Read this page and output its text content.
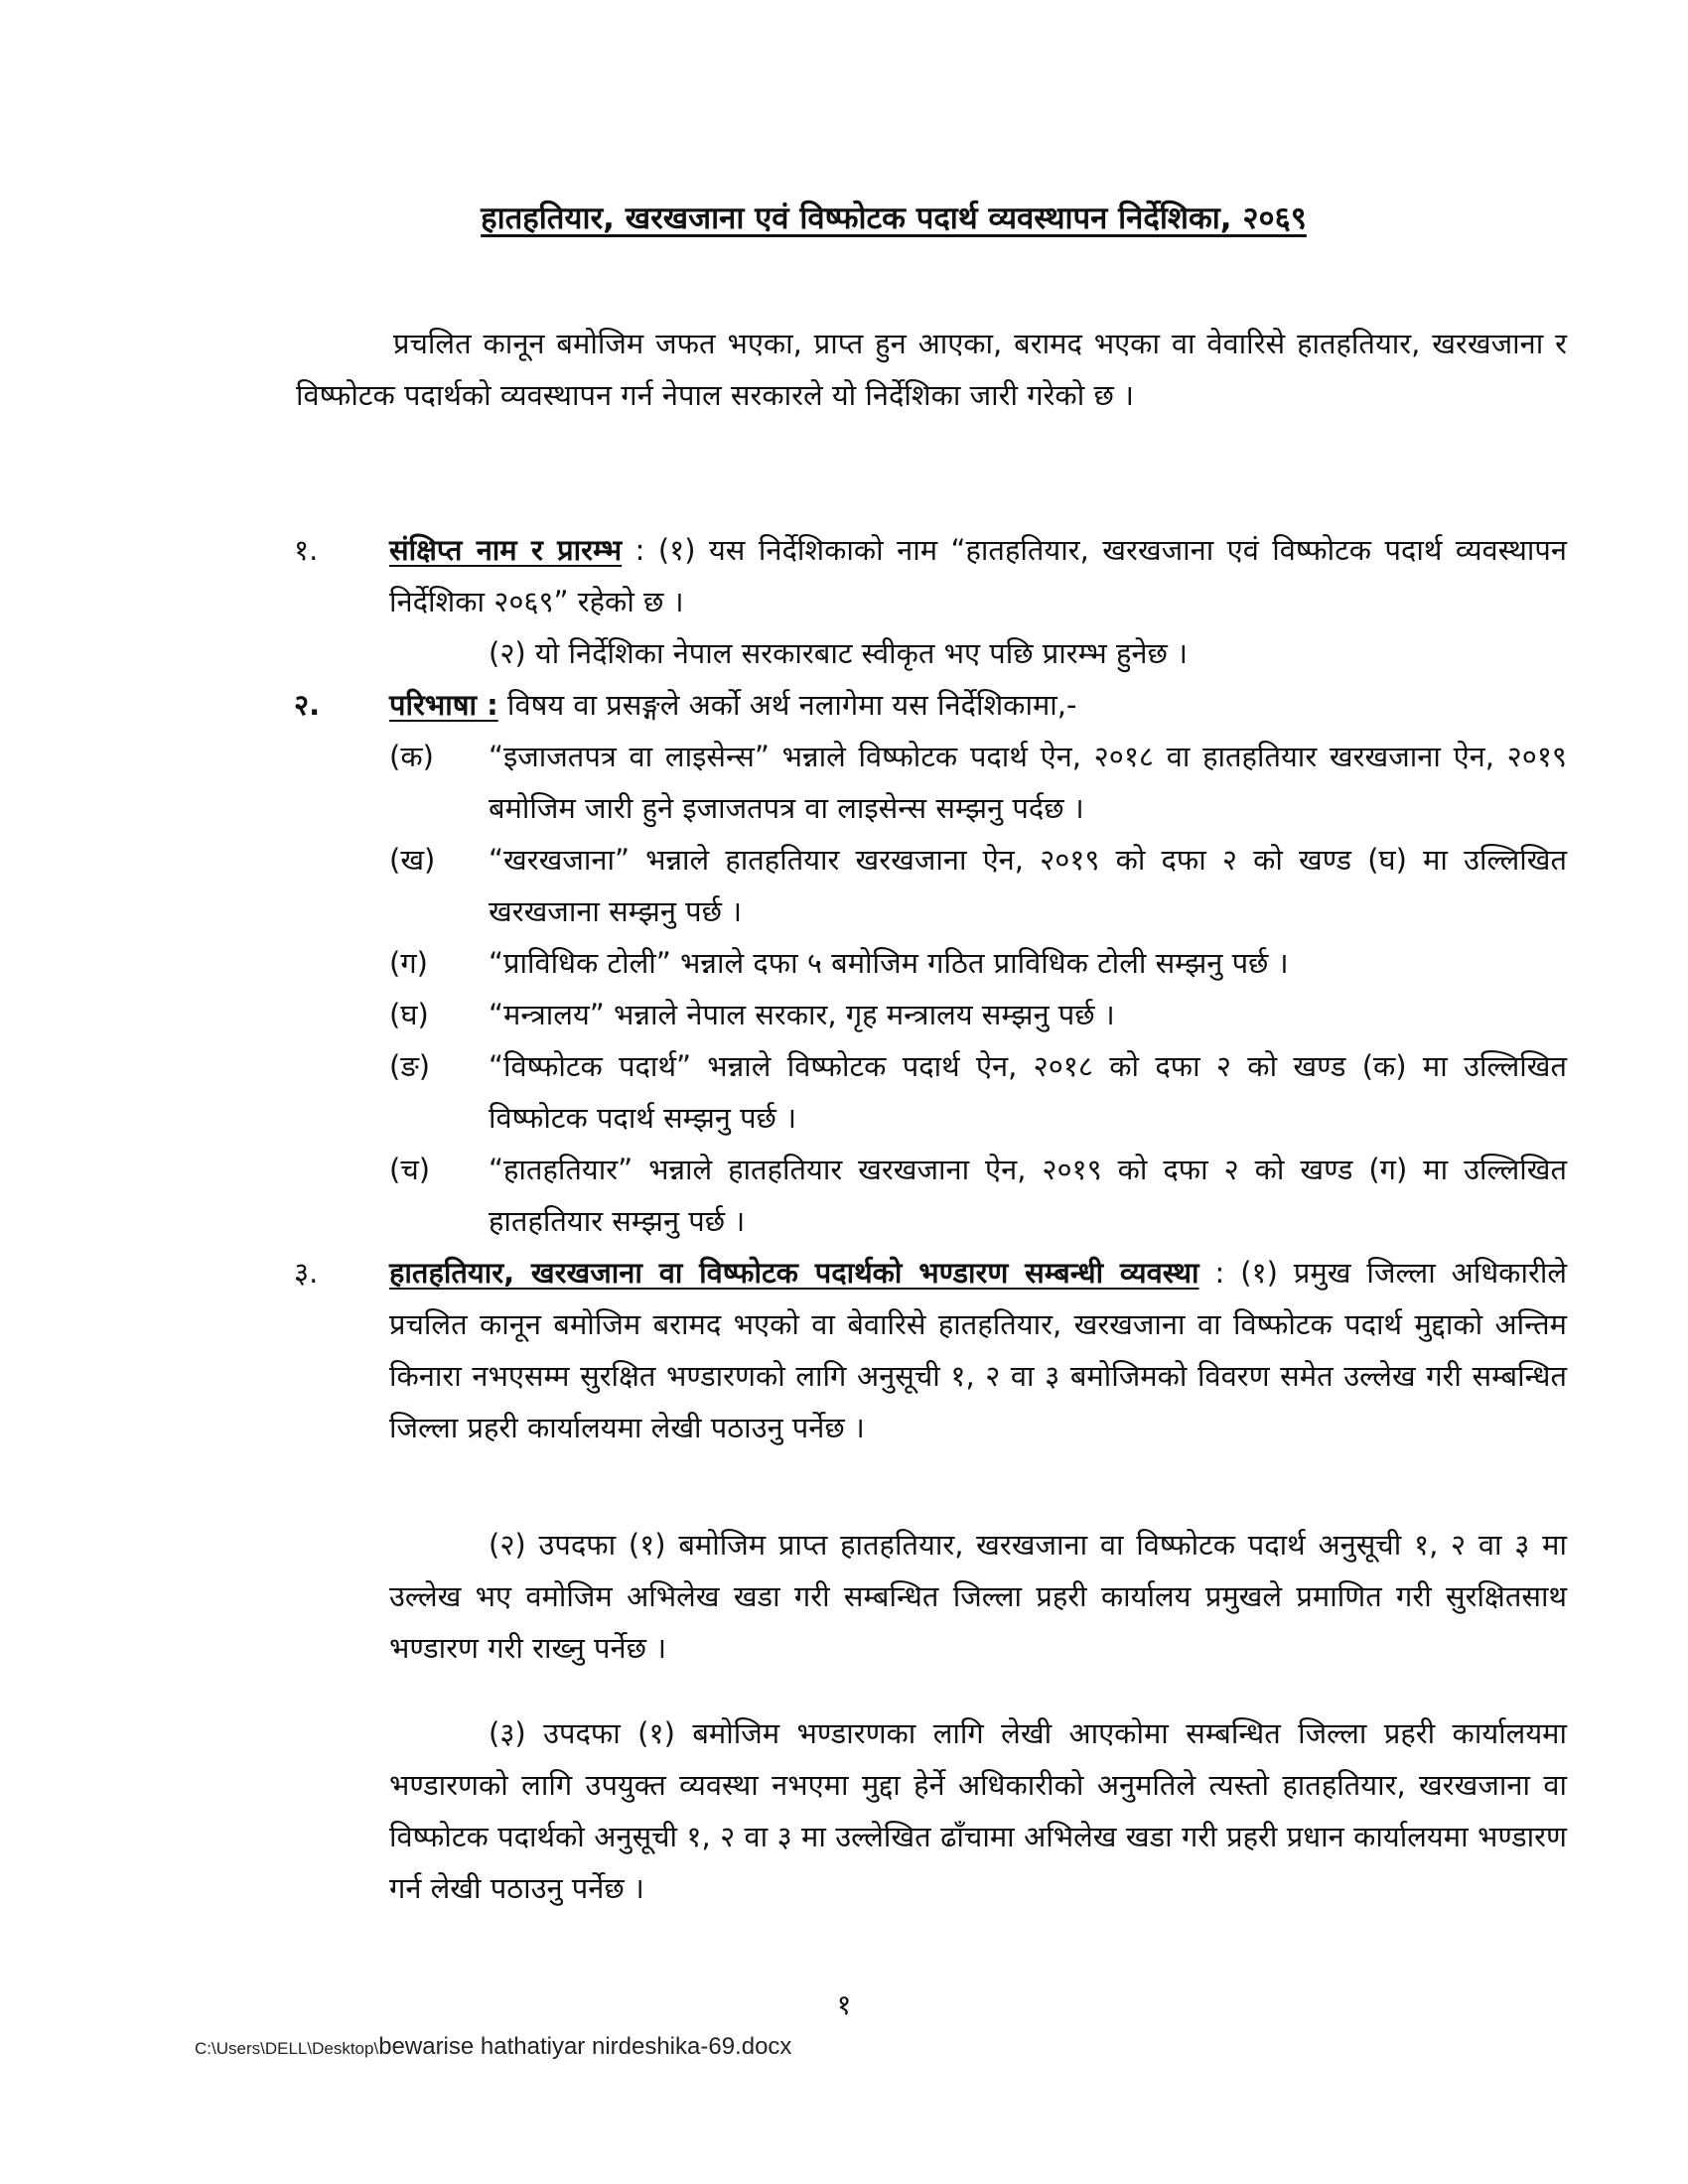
हातहतियार, खरखजाना एवं विष्फोटक पदार्थ व्यवस्थापन निर्देशिका, २०६९
प्रचलित कानून बमोजिम जफत भएका, प्राप्त हुन आएका, बरामद भएका वा वेवारिसे हातहतियार, खरखजाना र विष्फोटक पदार्थको व्यवस्थापन गर्न नेपाल सरकारले यो निर्देशिका जारी गरेको छ ।
१. संक्षिप्त नाम र प्रारम्भ : (१) यस निर्देशिकाको नाम “हातहतियार, खरखजाना एवं विष्फोटक पदार्थ व्यवस्थापन निर्देशिका २०६९” रहेको छ ।
(२) यो निर्देशिका नेपाल सरकारबाट स्वीकृत भए पछि प्रारम्भ हुनेछ ।
२. परिभाषा : विषय वा प्रसङ्गले अर्को अर्थ नलागेमा यस निर्देशिकामा,-
(क) “इजाजतपत्र वा लाइसेन्स” भन्नाले विष्फोटक पदार्थ ऐन, २०१८ वा हातहतियार खरखजाना ऐन, २०१९ बमोजिम जारी हुने इजाजतपत्र वा लाइसेन्स सम्झनु पर्दछ ।
(ख) “खरखजाना” भन्नाले हातहतियार खरखजाना ऐन, २०१९ को दफा २ को खण्ड (घ) मा उल्लिखित खरखजाना सम्झनु पर्छ ।
(ग) “प्राविधिक टोली” भन्नाले दफा ५ बमोजिम गठित प्राविधिक टोली सम्झनु पर्छ ।
(घ) “मन्त्रालय” भन्नाले नेपाल सरकार, गृह मन्त्रालय सम्झनु पर्छ ।
(ङ) “विष्फोटक पदार्थ” भन्नाले विष्फोटक पदार्थ ऐन, २०१८ को दफा २ को खण्ड (क) मा उल्लिखित विष्फोटक पदार्थ सम्झनु पर्छ ।
(च) “हातहतियार” भन्नाले हातहतियार खरखजाना ऐन, २०१९ को दफा २ को खण्ड (ग) मा उल्लिखित हातहतियार सम्झनु पर्छ ।
३. हातहतियार, खरखजाना वा विष्फोटक पदार्थको भण्डारण सम्बन्धी व्यवस्था : (१) प्रमुख जिल्ला अधिकारीले प्रचलित कानून बमोजिम बरामद भएको वा बेवारिसे हातहतियार, खरखजाना वा विष्फोटक पदार्थ मुद्दाको अन्तिम किनारा नभएसम्म सुरक्षित भण्डारणको लागि अनुसूची १, २ वा ३ बमोजिमको विवरण समेत उल्लेख गरी सम्बन्धित जिल्ला प्रहरी कार्यालयमा लेखी पठाउनु पर्नेछ ।
(२) उपदफा (१) बमोजिम प्राप्त हातहतियार, खरखजाना वा विष्फोटक पदार्थ अनुसूची १, २ वा ३ मा उल्लेख भए वमोजिम अभिलेख खडा गरी सम्बन्धित जिल्ला प्रहरी कार्यालय प्रमुखले प्रमाणित गरी सुरक्षितसाथ भण्डारण गरी राख्नु पर्नेछ ।
(३) उपदफा (१) बमोजिम भण्डारणका लागि लेखी आएकोमा सम्बन्धित जिल्ला प्रहरी कार्यालयमा भण्डारणको लागि उपयुक्त व्यवस्था नभएमा मुद्दा हेर्ने अधिकारीको अनुमतिले त्यस्तो हातहतियार, खरखजाना वा विष्फोटक पदार्थको अनुसूची १, २ वा ३ मा उल्लेखित ढाँचामा अभिलेख खडा गरी प्रहरी प्रधान कार्यालयमा भण्डारण गर्न लेखी पठाउनु पर्नेछ ।
१
C:\Users\DELL\Desktop\bewarise hathatiyar nirdeshika-69.docx
